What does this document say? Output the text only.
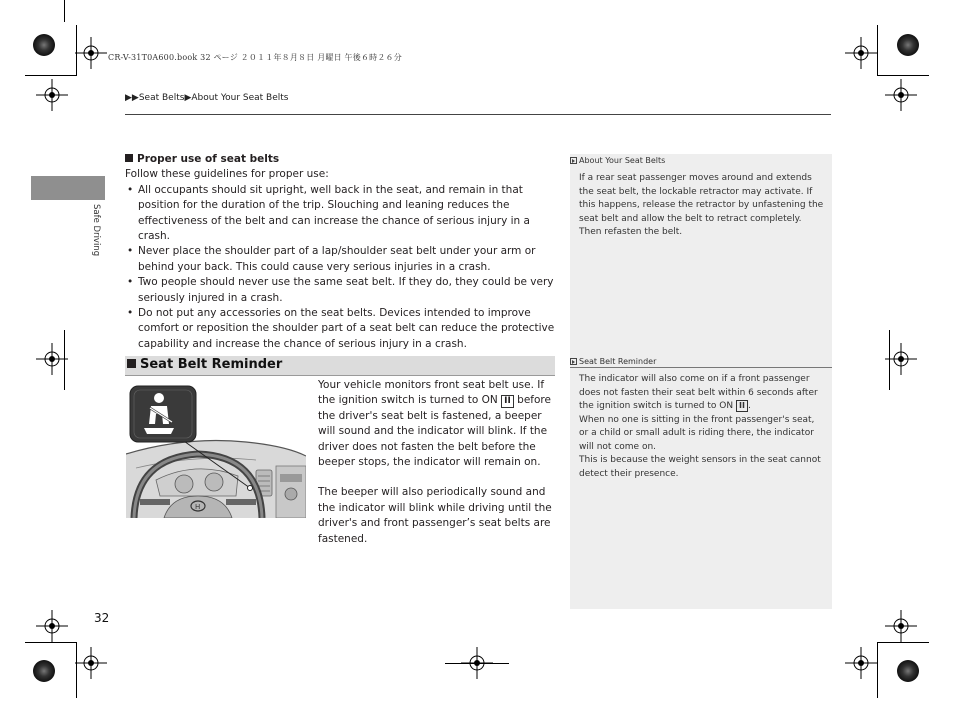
CR-V-31T0A600.book 32 ページ ２０１１年８月８日 月曜日 午後６時２６分
▶▶Seat Belts▶About Your Seat Belts
Safe Driving
Proper use of seat belts
Follow these guidelines for proper use:
• All occupants should sit upright, well back in the seat, and remain in that position for the duration of the trip. Slouching and leaning reduces the effectiveness of the belt and can increase the chance of serious injury in a crash.
• Never place the shoulder part of a lap/shoulder seat belt under your arm or behind your back. This could cause very serious injuries in a crash.
• Two people should never use the same seat belt. If they do, they could be very seriously injured in a crash.
• Do not put any accessories on the seat belts. Devices intended to improve comfort or reposition the shoulder part of a seat belt can reduce the protective capability and increase the chance of serious injury in a crash.
Seat Belt Reminder
H
Your vehicle monitors front seat belt use. If the ignition switch is turned to ON II before the driver's seat belt is fastened, a beeper will sound and the indicator will blink. If the driver does not fasten the belt before the beeper stops, the indicator will remain on.
The beeper will also periodically sound and the indicator will blink while driving until the driver's and front passenger’s seat belts are fastened.
About Your Seat Belts
If a rear seat passenger moves around and extends the seat belt, the lockable retractor may activate. If this happens, release the retractor by unfastening the seat belt and allow the belt to retract completely. Then refasten the belt.
Seat Belt Reminder
The indicator will also come on if a front passenger does not fasten their seat belt within 6 seconds after the ignition switch is turned to ON II .
When no one is sitting in the front passenger's seat, or a child or small adult is riding there, the indicator will not come on.
This is because the weight sensors in the seat cannot detect their presence.
32
